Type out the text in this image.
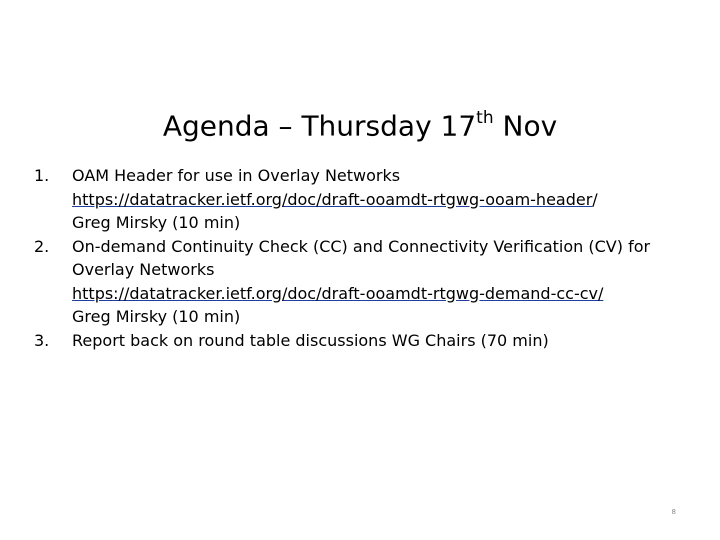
Agenda – Thursday 17th Nov
1.	OAM Header for use in Overlay Networks
https://datatracker.ietf.org/doc/draft-ooamdt-rtgwg-ooam-header/
Greg Mirsky (10 min)
2.	On-demand Continuity Check (CC) and Connectivity Verification (CV) for
Overlay Networks
https://datatracker.ietf.org/doc/draft-ooamdt-rtgwg-demand-cc-cv/
Greg Mirsky (10 min)
3.	Report back on round table discussions WG Chairs (70 min)
8
